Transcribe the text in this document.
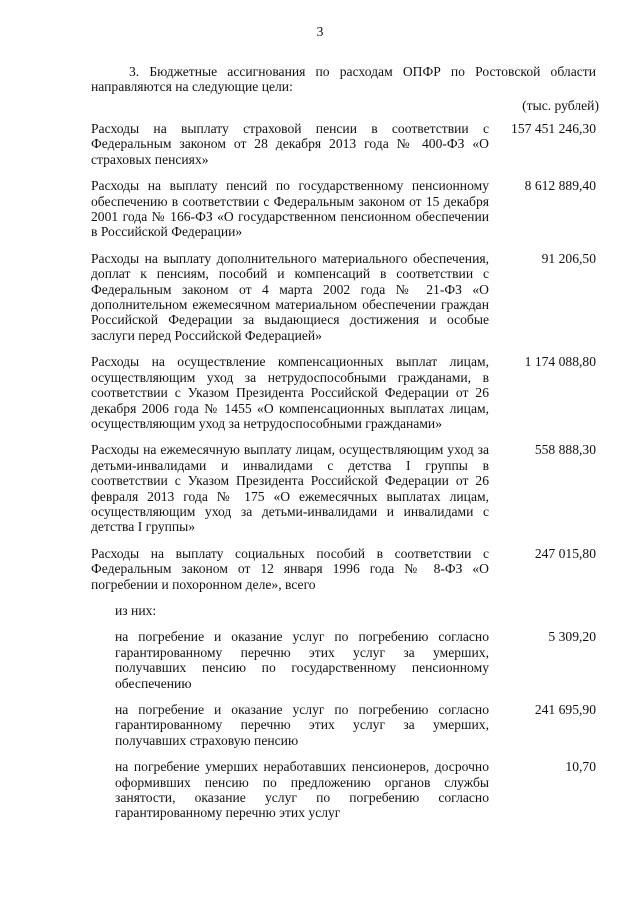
3
3. Бюджетные ассигнования по расходам ОПФР по Ростовской области направляются на следующие цели:
(тыс. рублей)
Расходы на выплату страховой пенсии в соответствии с Федеральным законом от 28 декабря 2013 года № 400-ФЗ «О страховых пенсиях»
157 451 246,30
Расходы на выплату пенсий по государственному пенсионному обеспечению в соответствии с Федеральным законом от 15 декабря 2001 года № 166-ФЗ «О государственном пенсионном обеспечении в Российской Федерации»
8 612 889,40
Расходы на выплату дополнительного материального обеспечения, доплат к пенсиям, пособий и компенсаций в соответствии с Федеральным законом от 4 марта 2002 года № 21-ФЗ «О дополнительном ежемесячном материальном обеспечении граждан Российской Федерации за выдающиеся достижения и особые заслуги перед Российской Федерацией»
91 206,50
Расходы на осуществление компенсационных выплат лицам, осуществляющим уход за нетрудоспособными гражданами, в соответствии с Указом Президента Российской Федерации от 26 декабря 2006 года № 1455 «О компенсационных выплатах лицам, осуществляющим уход за нетрудоспособными гражданами»
1 174 088,80
Расходы на ежемесячную выплату лицам, осуществляющим уход за детьми-инвалидами и инвалидами с детства I группы в соответствии с Указом Президента Российской Федерации от 26 февраля 2013 года № 175 «О ежемесячных выплатах лицам, осуществляющим уход за детьми-инвалидами и инвалидами с детства I группы»
558 888,30
Расходы на выплату социальных пособий в соответствии с Федеральным законом от 12 января 1996 года № 8-ФЗ «О погребении и похоронном деле», всего
247 015,80
из них:
на погребение и оказание услуг по погребению согласно гарантированному перечню этих услуг за умерших, получавших пенсию по государственному пенсионному обеспечению
5 309,20
на погребение и оказание услуг по погребению согласно гарантированному перечню этих услуг за умерших, получавших страховую пенсию
241 695,90
на погребение умерших неработавших пенсионеров, досрочно оформивших пенсию по предложению органов службы занятости, оказание услуг по погребению согласно гарантированному перечню этих услуг
10,70
